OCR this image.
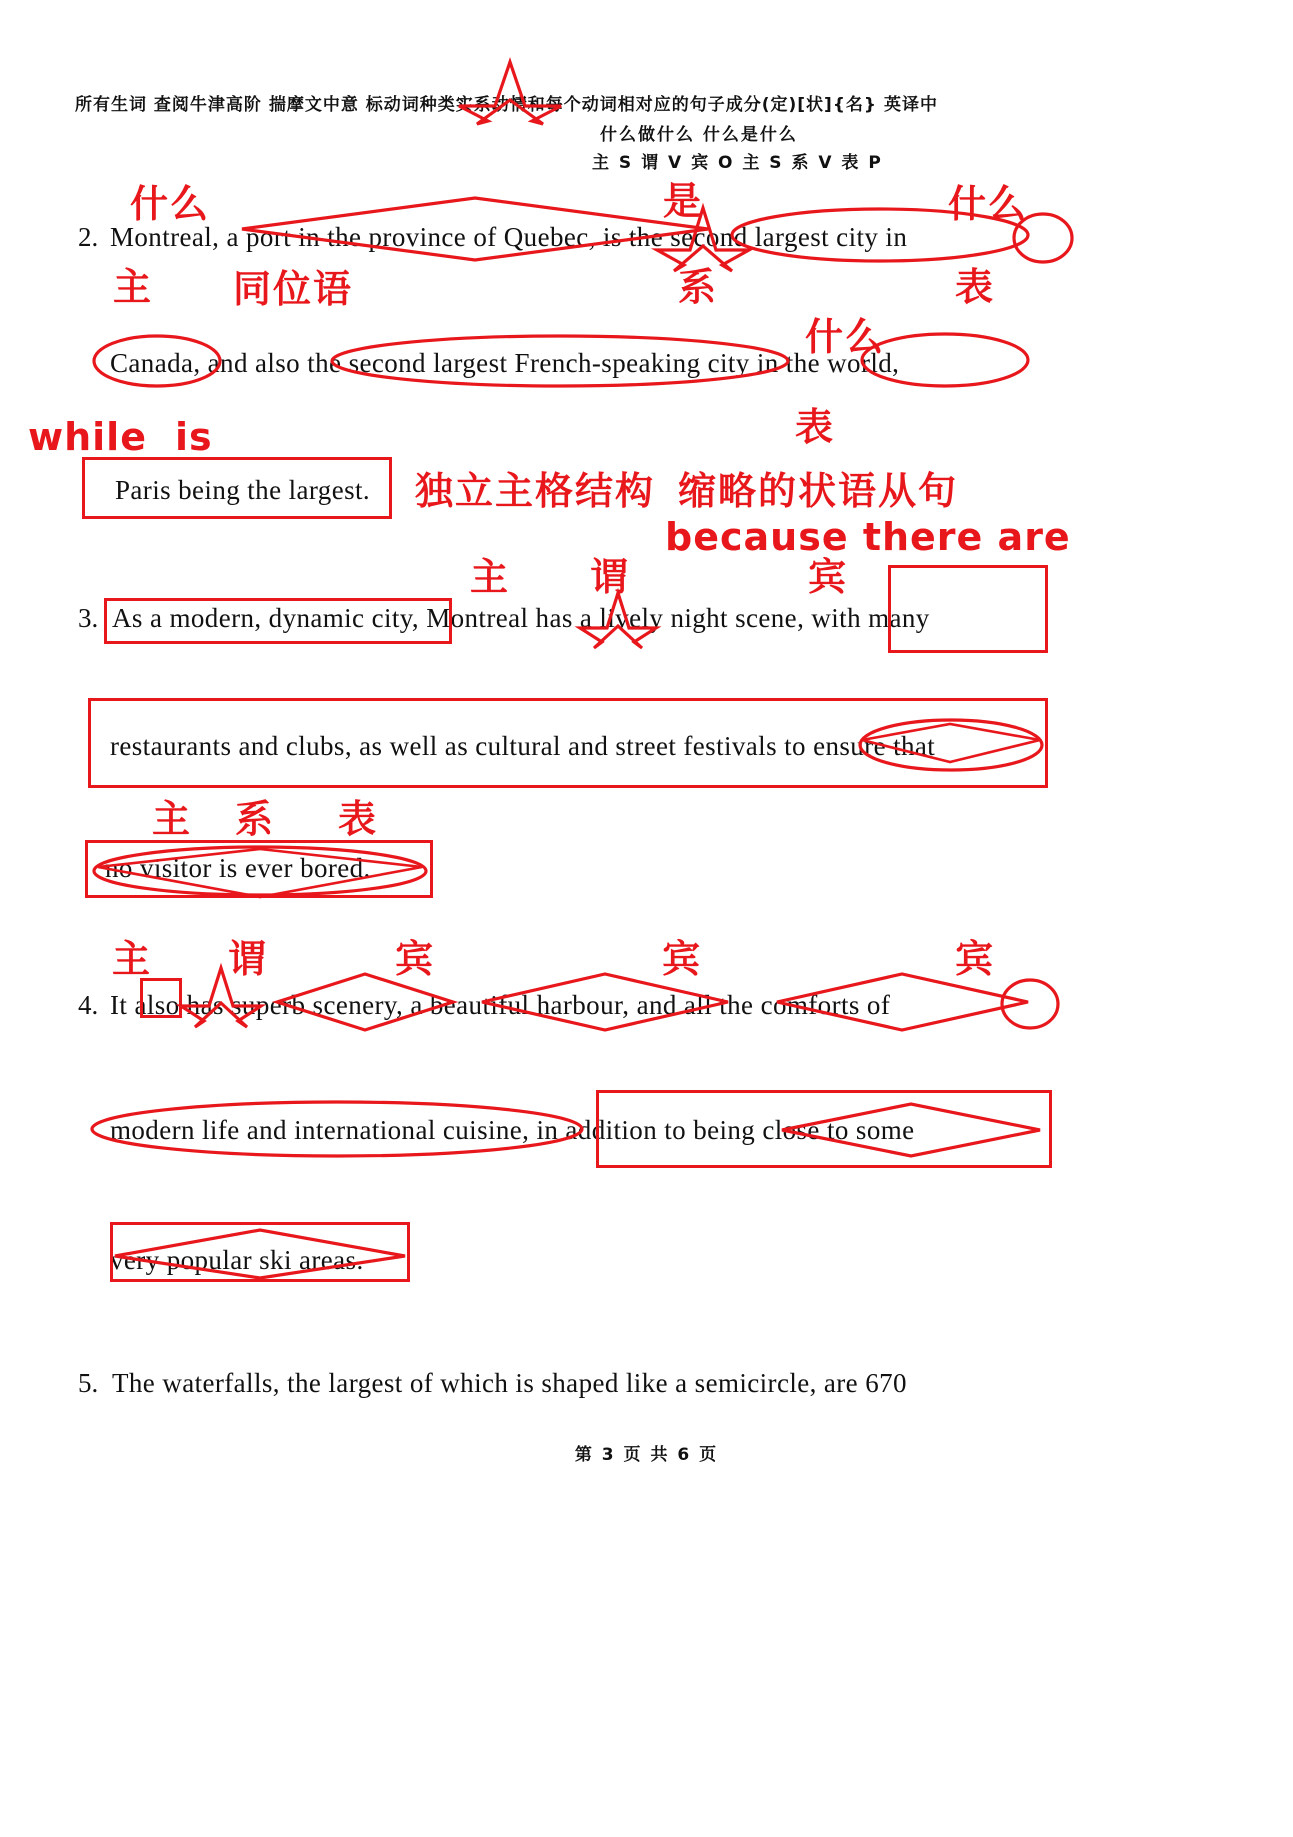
所有生词 查阅牛津高阶 揣摩文中意 标动词种类实系动情和每个动词相对应的句子成分(定)[状]{名} 英译中
什么做什么 什么是什么
主 S 谓 V 宾 O 主 S 系 V 表 P
2. Montreal, a port in the province of Quebec, is the second largest city in
Canada, and also the second largest French-speaking city in the world,
Paris being the largest.
什么	是	什么
主 同位语	系	表
什么
表
while is
独立主格结构 缩略的状语从句
because there are
主 谓	宾
3. As a modern, dynamic city, Montreal has a lively night scene, with many
restaurants and clubs, as well as cultural and street festivals to ensure that
no visitor is ever bored.
主 系 表
主 谓	宾	宾	宾
4. It also has superb scenery, a beautiful harbour, and all the comforts of
modern life and international cuisine, in addition to being close to some
very popular ski areas.
5. The waterfalls, the largest of which is shaped like a semicircle, are 670
第 3 页 共 6 页
